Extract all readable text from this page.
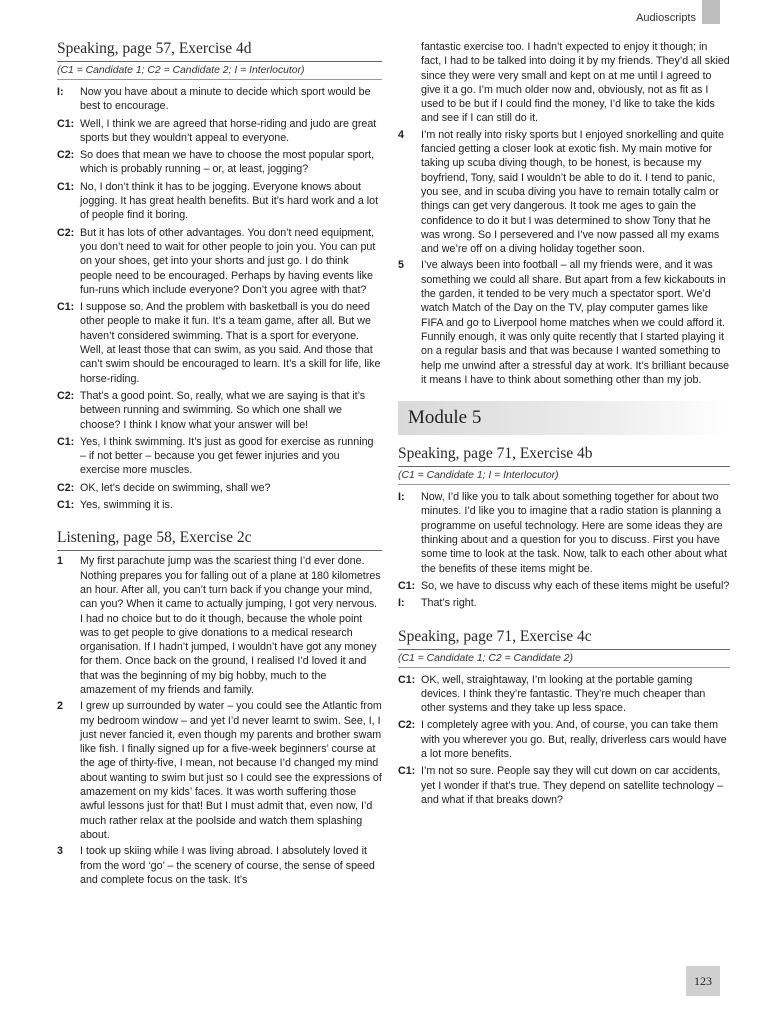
Audioscripts
Speaking, page 57, Exercise 4d
(C1 = Candidate 1; C2 = Candidate 2; I = Interlocutor)
I:	Now you have about a minute to decide which sport would be best to encourage.
C1: Well, I think we are agreed that horse-riding and judo are great sports but they wouldn’t appeal to everyone.
C2: So does that mean we have to choose the most popular sport, which is probably running – or, at least, jogging?
C1: No, I don’t think it has to be jogging. Everyone knows about jogging. It has great health benefits. But it’s hard work and a lot of people find it boring.
C2: But it has lots of other advantages. You don’t need equipment, you don’t need to wait for other people to join you. You can put on your shoes, get into your shorts and just go. I do think people need to be encouraged. Perhaps by having events like fun-runs which include everyone? Don’t you agree with that?
C1: I suppose so. And the problem with basketball is you do need other people to make it fun. It’s a team game, after all. But we haven’t considered swimming. That is a sport for everyone. Well, at least those that can swim, as you said. And those that can’t swim should be encouraged to learn. It’s a skill for life, like horse-riding.
C2: That’s a good point. So, really, what we are saying is that it’s between running and swimming. So which one shall we choose? I think I know what your answer will be!
C1: Yes, I think swimming. It’s just as good for exercise as running – if not better – because you get fewer injuries and you exercise more muscles.
C2: OK, let’s decide on swimming, shall we?
C1: Yes, swimming it is.
Listening, page 58, Exercise 2c
1	My first parachute jump was the scariest thing I’d ever done. Nothing prepares you for falling out of a plane at 180 kilometres an hour. After all, you can’t turn back if you change your mind, can you? When it came to actually jumping, I got very nervous. I had no choice but to do it though, because the whole point was to get people to give donations to a medical research organisation. If I hadn’t jumped, I wouldn’t have got any money for them. Once back on the ground, I realised I’d loved it and that was the beginning of my big hobby, much to the amazement of my friends and family.
2	I grew up surrounded by water – you could see the Atlantic from my bedroom window – and yet I’d never learnt to swim. See, I, I just never fancied it, even though my parents and brother swam like fish. I finally signed up for a five-week beginners’ course at the age of thirty-five, I mean, not because I’d changed my mind about wanting to swim but just so I could see the expressions of amazement on my kids’ faces. It was worth suffering those awful lessons just for that! But I must admit that, even now, I’d much rather relax at the poolside and watch them splashing about.
3	I took up skiing while I was living abroad. I absolutely loved it from the word ‘go’ – the scenery of course, the sense of speed and complete focus on the task. It’s
fantastic exercise too. I hadn’t expected to enjoy it though; in fact, I had to be talked into doing it by my friends. They’d all skied since they were very small and kept on at me until I agreed to give it a go. I’m much older now and, obviously, not as fit as I used to be but if I could find the money, I’d like to take the kids and see if I can still do it.
4	I’m not really into risky sports but I enjoyed snorkelling and quite fancied getting a closer look at exotic fish. My main motive for taking up scuba diving though, to be honest, is because my boyfriend, Tony, said I wouldn’t be able to do it. I tend to panic, you see, and in scuba diving you have to remain totally calm or things can get very dangerous. It took me ages to gain the confidence to do it but I was determined to show Tony that he was wrong. So I persevered and I’ve now passed all my exams and we’re off on a diving holiday together soon.
5	I’ve always been into football – all my friends were, and it was something we could all share. But apart from a few kickabouts in the garden, it tended to be very much a spectator sport. We’d watch Match of the Day on the TV, play computer games like FIFA and go to Liverpool home matches when we could afford it. Funnily enough, it was only quite recently that I started playing it on a regular basis and that was because I wanted something to help me unwind after a stressful day at work. It’s brilliant because it means I have to think about something other than my job.
Module 5
Speaking, page 71, Exercise 4b
(C1 = Candidate 1; I = Interlocutor)
I:	Now, I’d like you to talk about something together for about two minutes. I’d like you to imagine that a radio station is planning a programme on useful technology. Here are some ideas they are thinking about and a question for you to discuss. First you have some time to look at the task. Now, talk to each other about what the benefits of these items might be.
C1: So, we have to discuss why each of these items might be useful?
I:	That’s right.
Speaking, page 71, Exercise 4c
(C1 = Candidate 1; C2 = Candidate 2)
C1: OK, well, straightaway, I’m looking at the portable gaming devices. I think they’re fantastic. They’re much cheaper than other systems and they take up less space.
C2: I completely agree with you. And, of course, you can take them with you wherever you go. But, really, driverless cars would have a lot more benefits.
C1: I’m not so sure. People say they will cut down on car accidents, yet I wonder if that’s true. They depend on satellite technology – and what if that breaks down?
123
